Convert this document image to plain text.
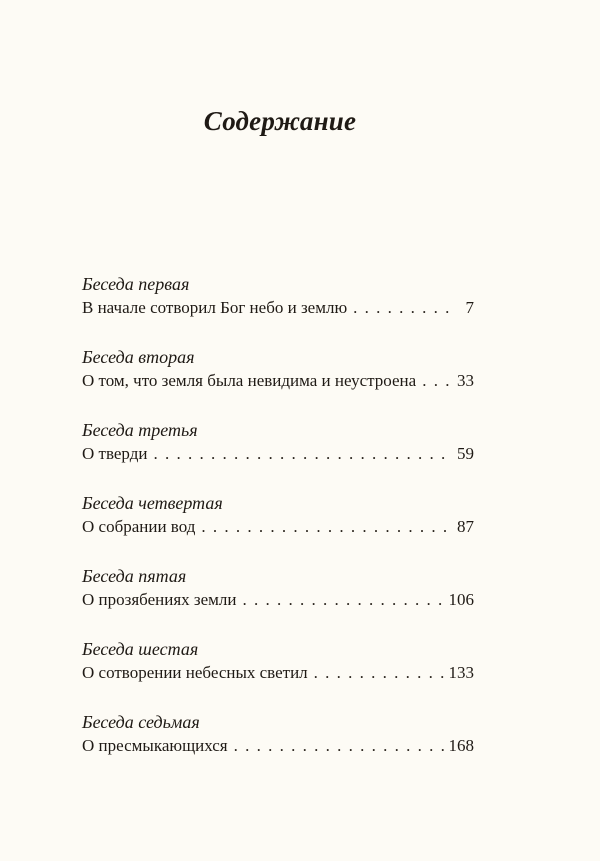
Содержание
Беседа первая
В начале сотворил Бог небо и землю . . .	7
Беседа вторая
О том, что земля была невидима и неустроена . . . 33
Беседа третья
О тверди . . .	59
Беседа четвертая
О собрании вод . . .	87
Беседа пятая
О прозябениях земли . . .	106
Беседа шестая
О сотворении небесных светил . . .	133
Беседа седьмая
О пресмыкающихся . . .	168
